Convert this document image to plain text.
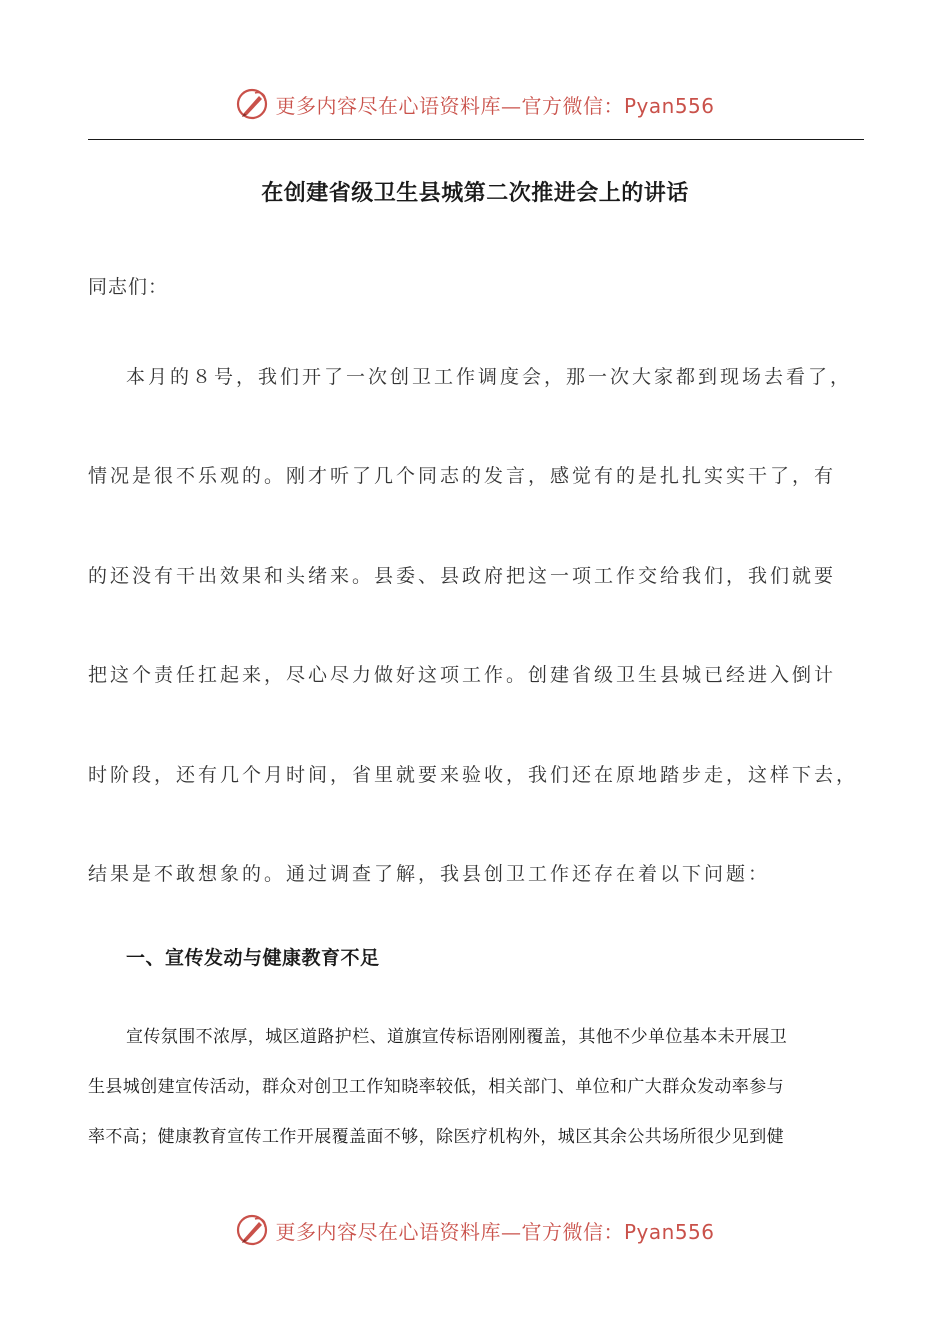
更多内容尽在心语资料库—官方微信：Pyan556
在创建省级卫生县城第二次推进会上的讲话

同志们：

本月的８号，我们开了一次创卫工作调度会，那一次大家都到现场去看了，

情况是很不乐观的。刚才听了几个同志的发言，感觉有的是扎扎实实干了，有

的还没有干出效果和头绪来。县委、县政府把这一项工作交给我们，我们就要

把这个责任扛起来，尽心尽力做好这项工作。创建省级卫生县城已经进入倒计

时阶段，还有几个月时间，省里就要来验收，我们还在原地踏步走，这样下去，

结果是不敢想象的。通过调查了解，我县创卫工作还存在着以下问题：

一、宣传发动与健康教育不足

宣传氛围不浓厚，城区道路护栏、道旗宣传标语刚刚覆盖，其他不少单位基本未开展卫

生县城创建宣传活动，群众对创卫工作知晓率较低，相关部门、单位和广大群众发动率参与

率不高；健康教育宣传工作开展覆盖面不够，除医疗机构外，城区其余公共场所很少见到健

更多内容尽在心语资料库—官方微信：Pyan556
